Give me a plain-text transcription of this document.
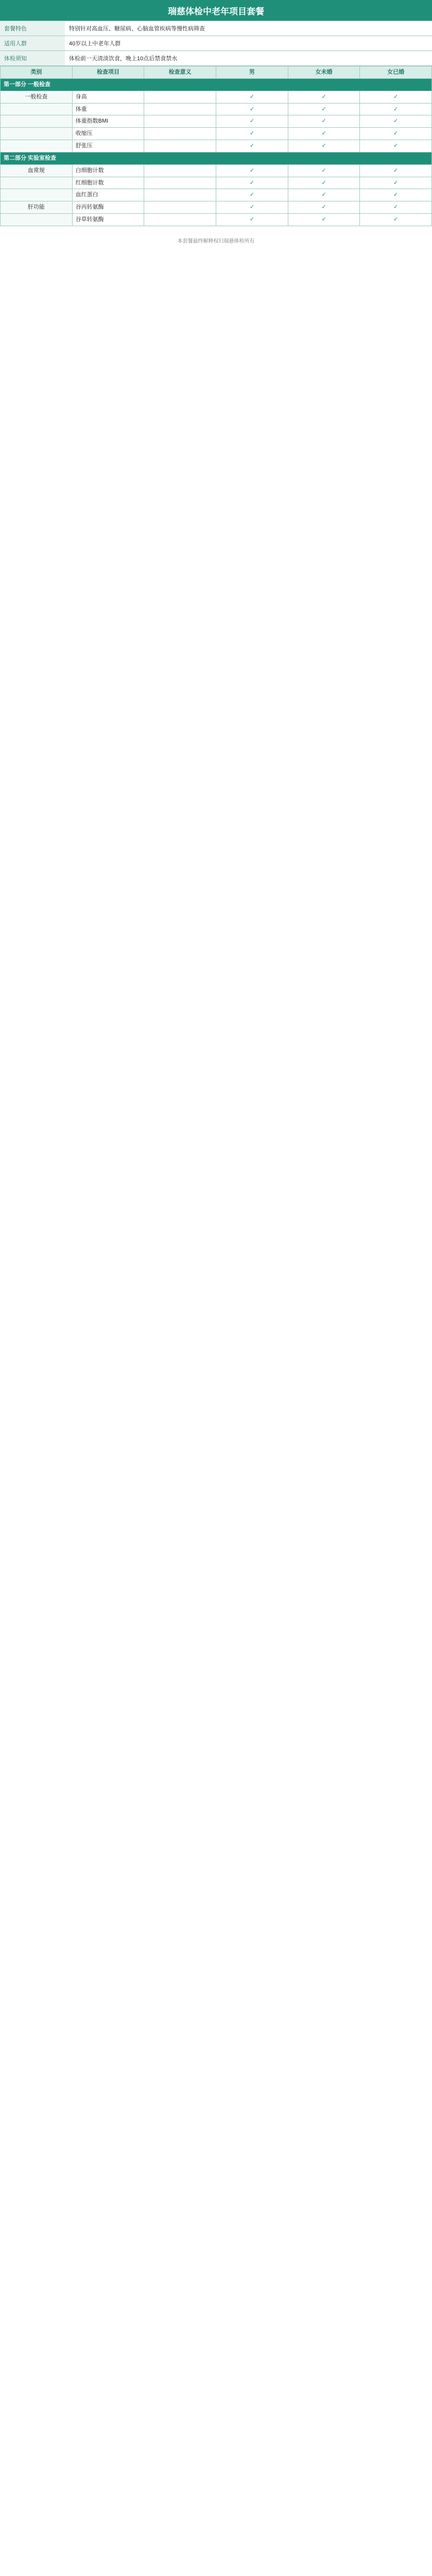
瑞慈体检中老年项目套餐
套餐特色	特别针对高血压、糖尿病、心脑血管疾病等慢性病筛查
适用人群	40岁以上中老年人群
体检须知	体检前一天清淡饮食，晚上10点后禁食禁水
类别	检查项目	检查意义	男	女未婚	女已婚
第一部分 一般检查					
一般检查	身高		✓	✓	✓
	体重		✓	✓	✓
	体重指数BMI		✓	✓	✓
	收缩压		✓	✓	✓
	舒张压		✓	✓	✓
第二部分 实验室检查					
血常规	白细胞计数		✓	✓	✓
	红细胞计数		✓	✓	✓
	血红蛋白		✓	✓	✓
肝功能	谷丙转氨酶		✓	✓	✓
	谷草转氨酶		✓	✓	✓
本套餐最终解释权归瑞慈体检所有
